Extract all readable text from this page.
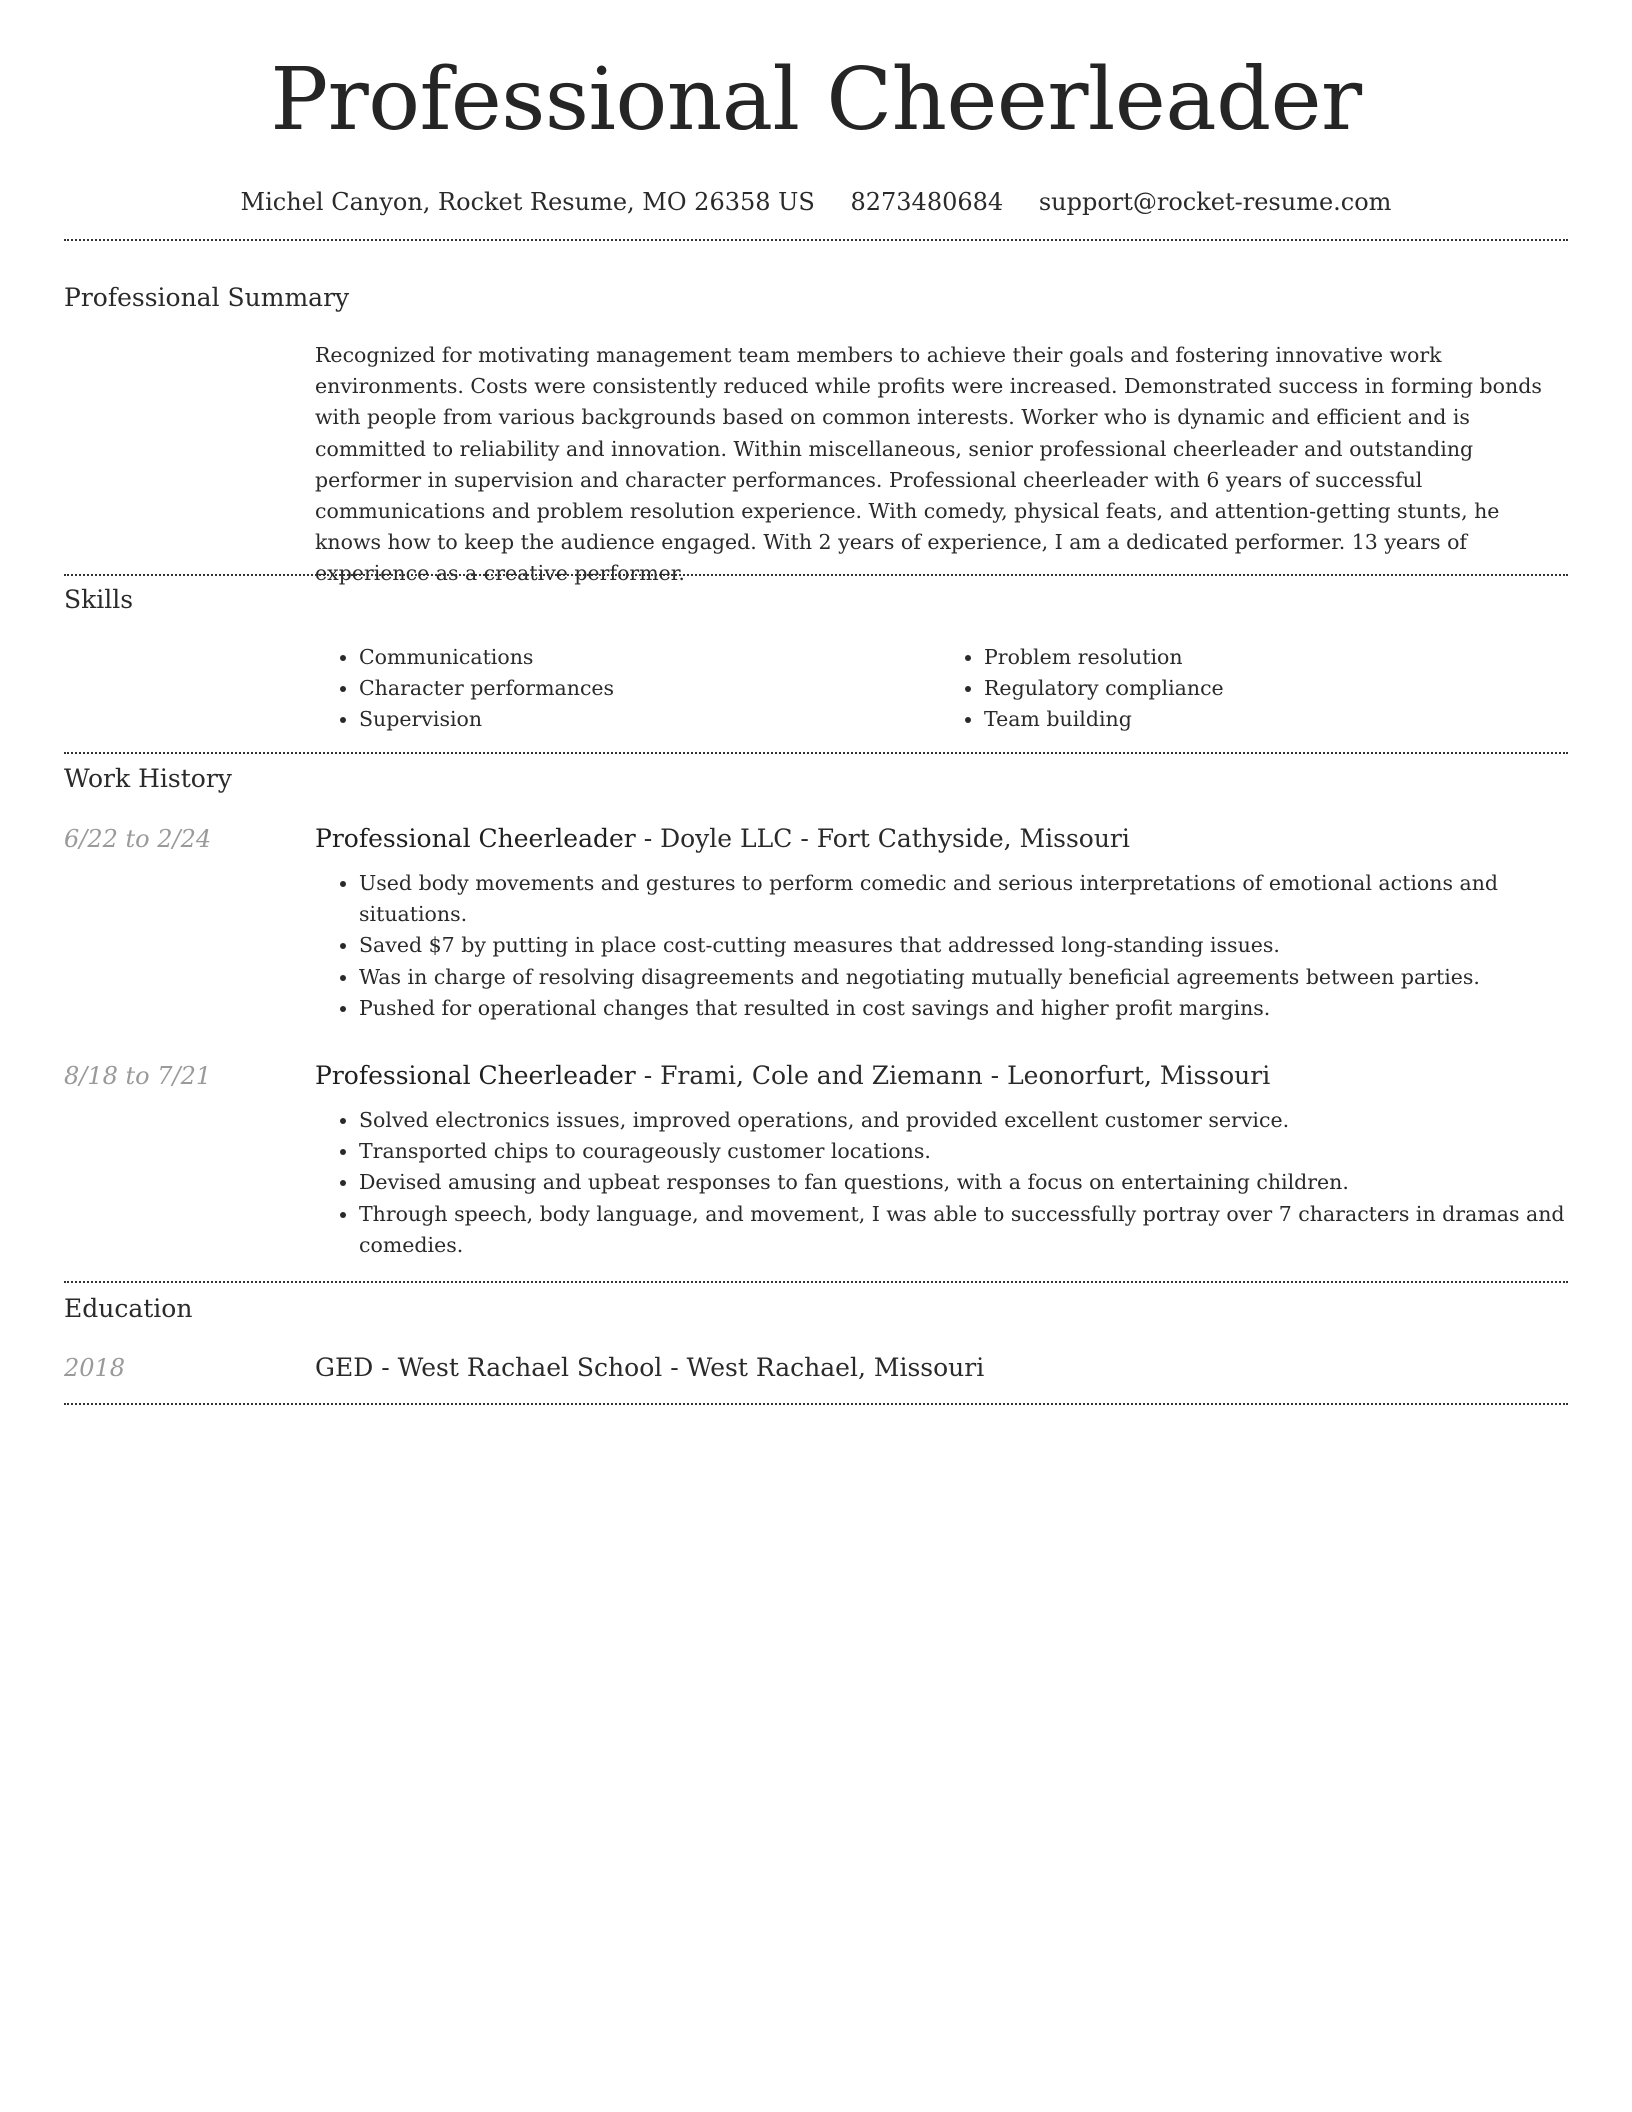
Professional Cheerleader
Michel Canyon, Rocket Resume, MO 26358 US 8273480684 support@rocket-resume.com
Professional Summary

Recognized for motivating management team members to achieve their goals and fostering innovative work environments. Costs were consistently reduced while profits were increased. Demonstrated success in forming bonds with people from various backgrounds based on common interests. Worker who is dynamic and efficient and is committed to reliability and innovation. Within miscellaneous, senior professional cheerleader and outstanding performer in supervision and character performances. Professional cheerleader with 6 years of successful communications and problem resolution experience. With comedy, physical feats, and attention-getting stunts, he knows how to keep the audience engaged. With 2 years of experience, I am a dedicated performer. 13 years of experience as a creative performer.

Skills
• Communications
• Character performances
• Supervision
• Problem resolution
• Regulatory compliance
• Team building
Work History
6/22 to 2/24	Professional Cheerleader - Doyle LLC - Fort Cathyside, Missouri

• Used body movements and gestures to perform comedic and serious interpretations of emotional actions and situations.
• Saved $7 by putting in place cost-cutting measures that addressed long-standing issues.
• Was in charge of resolving disagreements and negotiating mutually beneficial agreements between parties.
• Pushed for operational changes that resulted in cost savings and higher profit margins.
8/18 to 7/21	Professional Cheerleader - Frami, Cole and Ziemann - Leonorfurt, Missouri

• Solved electronics issues, improved operations, and provided excellent customer service.
• Transported chips to courageously customer locations.
• Devised amusing and upbeat responses to fan questions, with a focus on entertaining children.
• Through speech, body language, and movement, I was able to successfully portray over 7 characters in dramas and comedies.
Education
2018	GED - West Rachael School - West Rachael, Missouri
